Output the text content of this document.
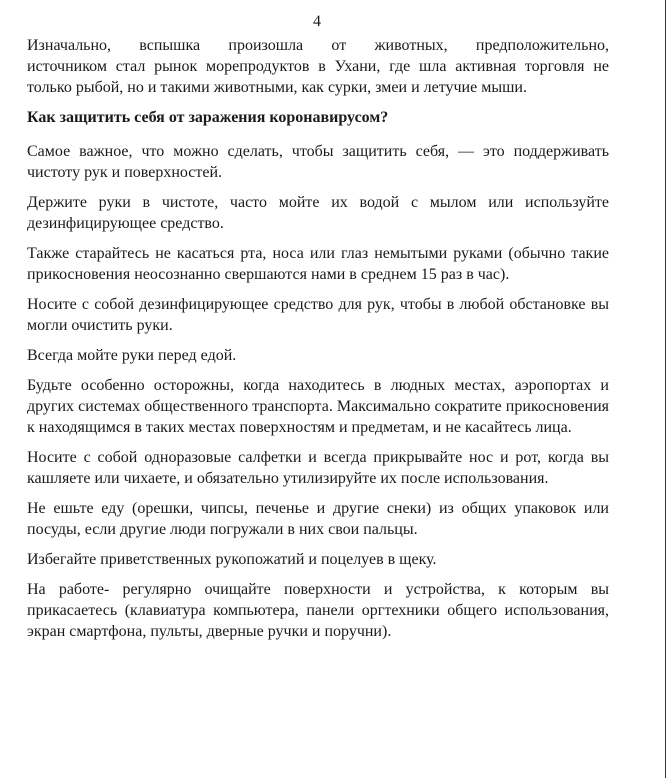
4
Изначально, вспышка произошла от животных, предположительно,
источником стал рынок морепродуктов в Ухани, где шла активная торговля не
только рыбой, но и такими животными, как сурки, змеи и летучие мыши.
Как защитить себя от заражения коронавирусом?
Самое важное, что можно сделать, чтобы защитить себя, — это поддерживать
чистоту рук и поверхностей.
Держите руки в чистоте, часто мойте их водой с мылом или используйте
дезинфицирующее средство.
Также старайтесь не касаться рта, носа или глаз немытыми руками (обычно такие
прикосновения неосознанно свершаются нами в среднем 15 раз в час).
Носите с собой дезинфицирующее средство для рук, чтобы в любой обстановке вы
могли очистить руки.
Всегда мойте руки перед едой.
Будьте особенно осторожны, когда находитесь в людных местах, аэропортах и
других системах общественного транспорта. Максимально сократите прикосновения
к находящимся в таких местах поверхностям и предметам, и не касайтесь лица.
Носите с собой одноразовые салфетки и всегда прикрывайте нос и рот, когда вы
кашляете или чихаете, и обязательно утилизируйте их после использования.
Не ешьте еду (орешки, чипсы, печенье и другие снеки) из общих упаковок или
посуды, если другие люди погружали в них свои пальцы.
Избегайте приветственных рукопожатий и поцелуев в щеку.
На работе- регулярно очищайте поверхности и устройства, к которым вы
прикасаетесь (клавиатура компьютера, панели оргтехники общего использования,
экран смартфона, пульты, дверные ручки и поручни).
